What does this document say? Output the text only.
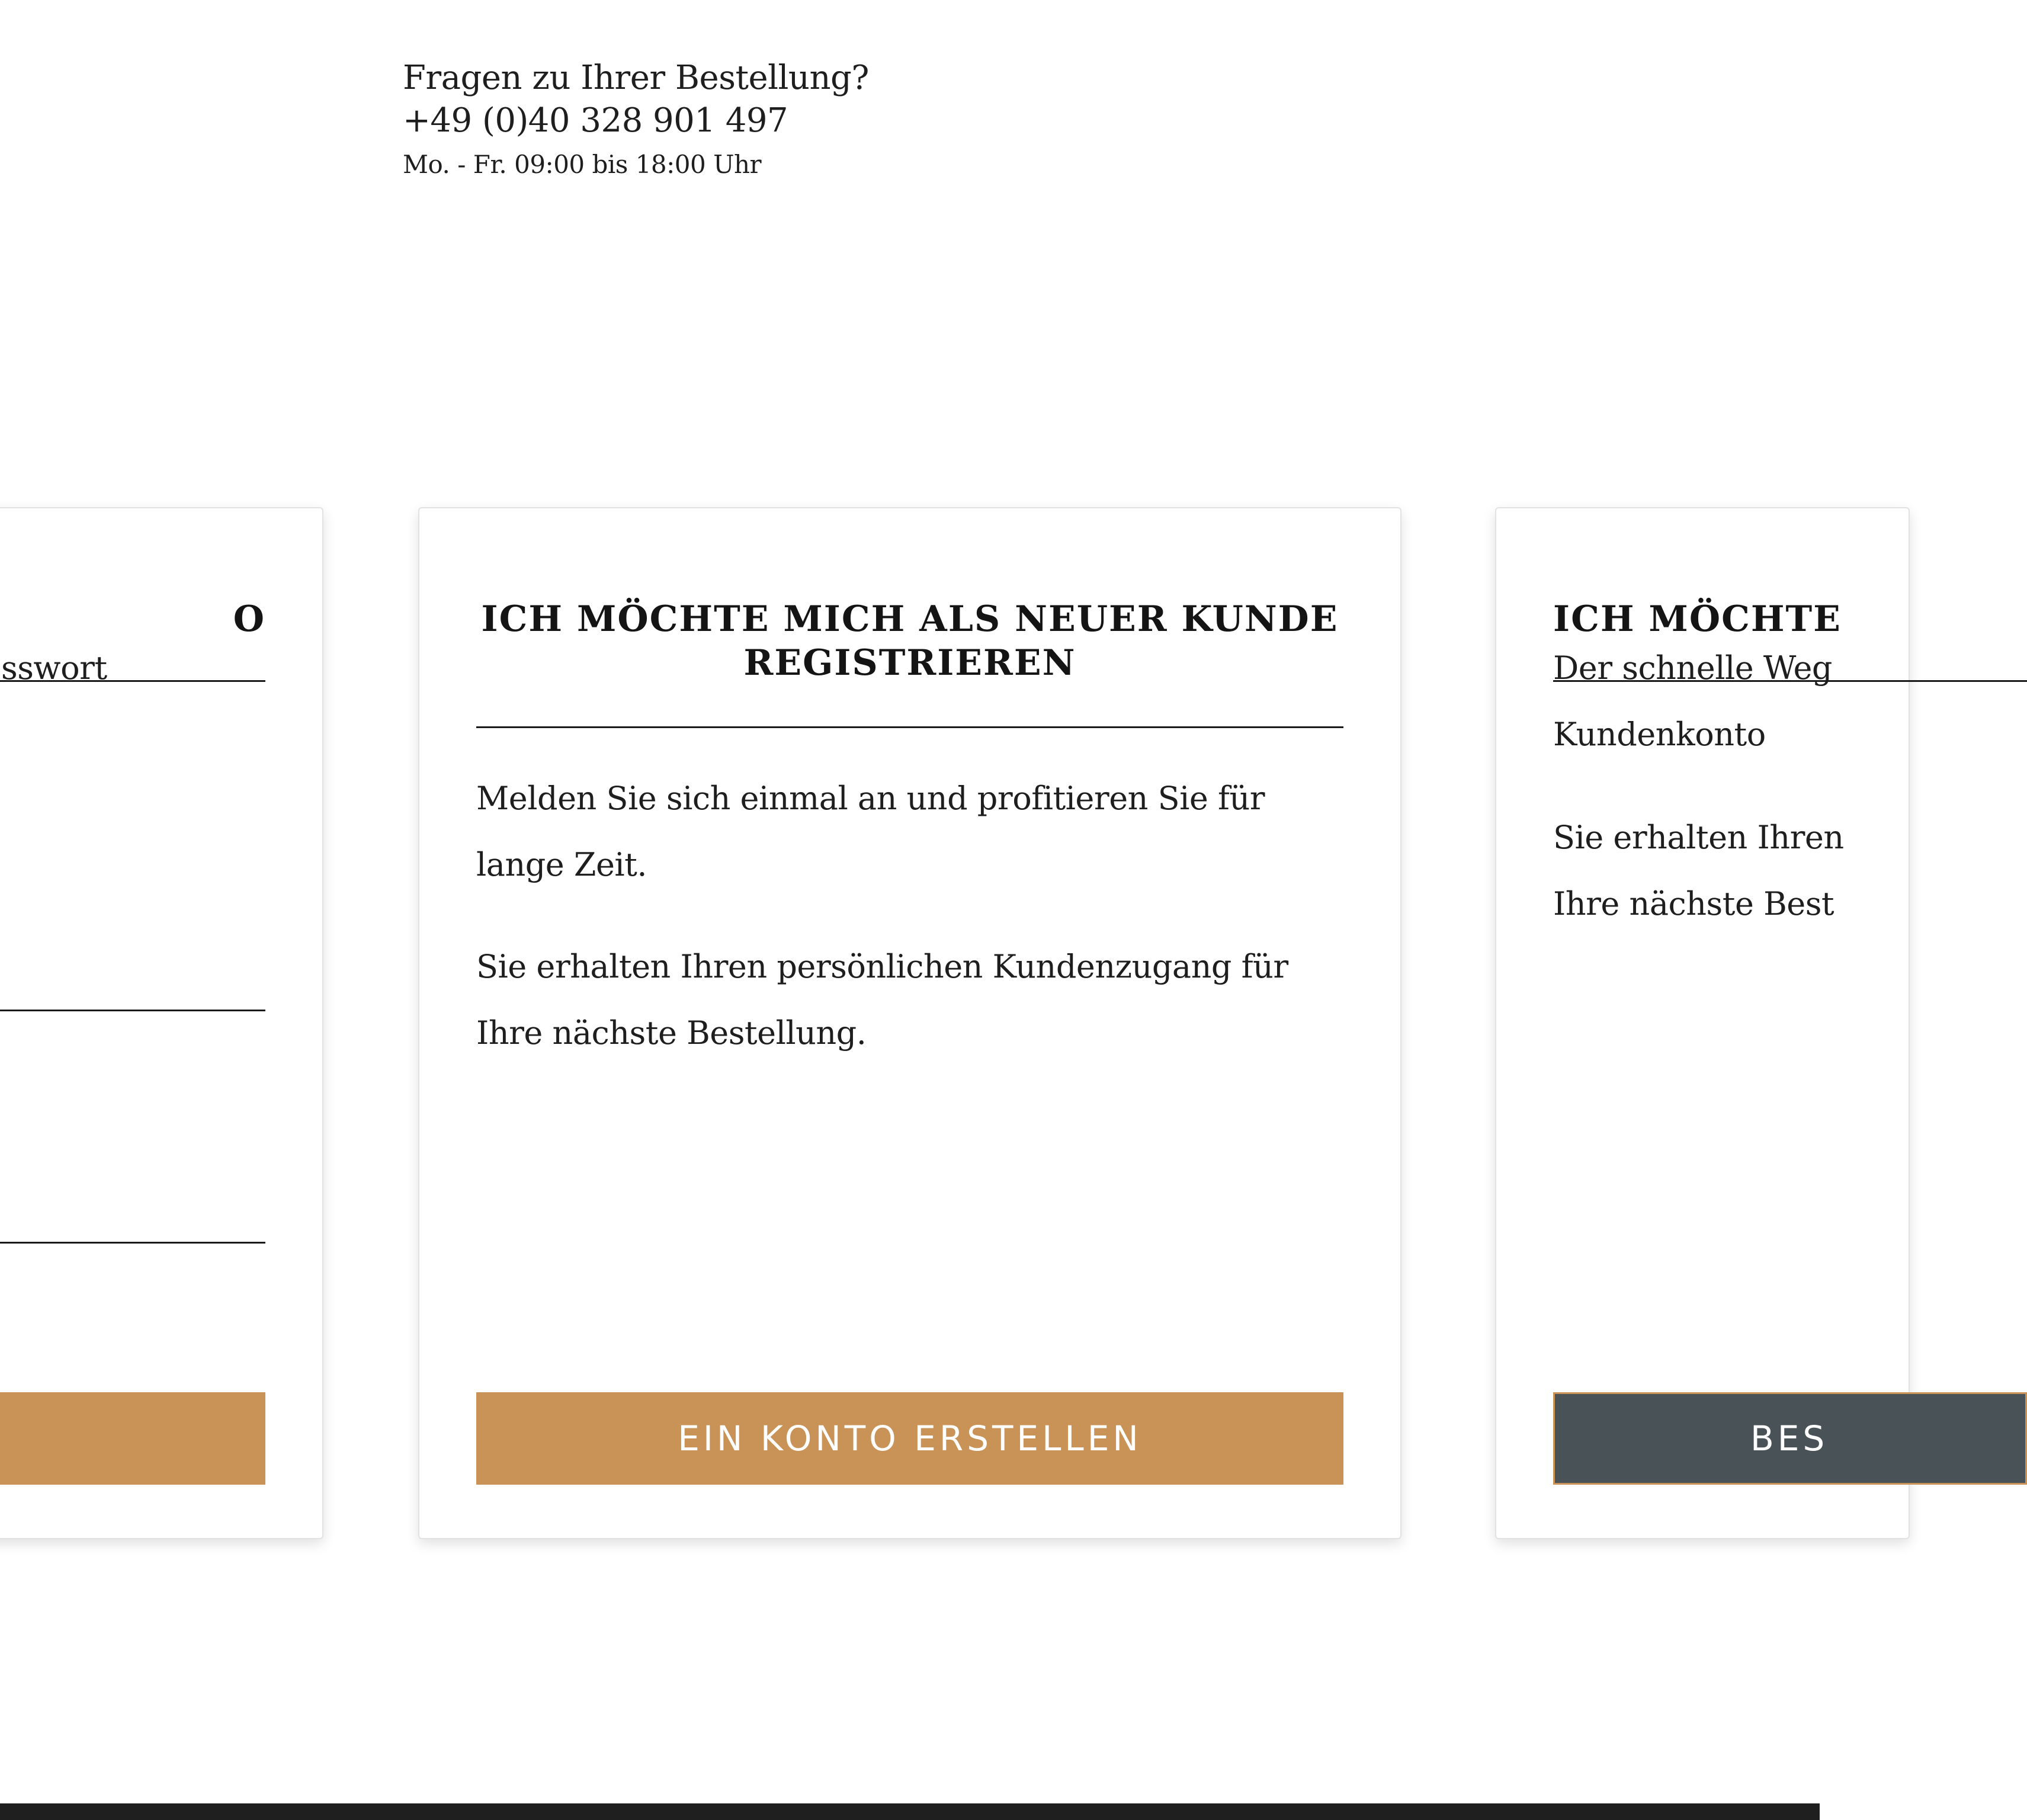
Fragen zu Ihrer Bestellung?
+49 (0)40 328 901 497
Mo. - Fr. 09:00 bis 18:00 Uhr
O
sswort
ICH MÖCHTE MICH ALS NEUER KUNDE REGISTRIEREN

Melden Sie sich einmal an und profitieren Sie für lange Zeit.

Sie erhalten Ihren persönlichen Kundenzugang für Ihre nächste Bestellung.

EIN KONTO ERSTELLEN
ICH MÖCHTE
Der schnelle Weg
Kundenkonto
Sie erhalten Ihren
Ihre nächste Best
BES
